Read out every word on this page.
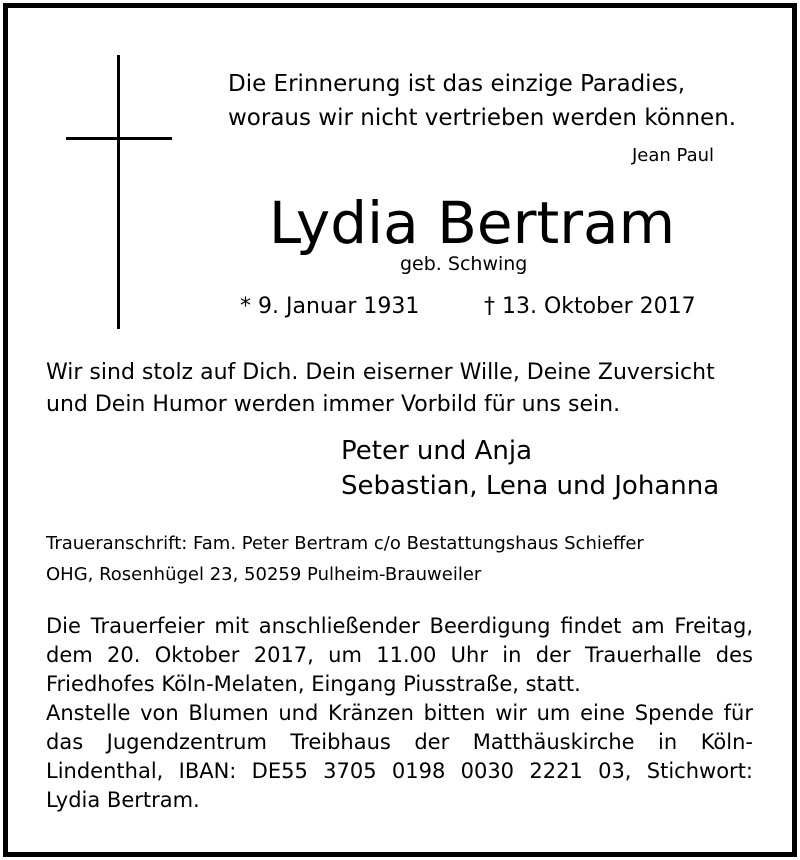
Die Erinnerung ist das einzige Paradies,
woraus wir nicht vertrieben werden können.
Jean Paul
Lydia Bertram
geb. Schwing
* 9. Januar 1931	† 13. Oktober 2017
Wir sind stolz auf Dich. Dein eiserner Wille, Deine Zuversicht
und Dein Humor werden immer Vorbild für uns sein.
Peter und Anja
Sebastian, Lena und Johanna
Traueranschrift: Fam. Peter Bertram c/o Bestattungshaus Schieffer
OHG, Rosenhügel 23, 50259 Pulheim-Brauweiler
Die Trauerfeier mit anschließender Beerdigung findet am Freitag,
dem 20. Oktober 2017, um 11.00 Uhr in der Trauerhalle des
Friedhofes Köln-Melaten, Eingang Piusstraße, statt.
Anstelle von Blumen und Kränzen bitten wir um eine Spende für
das Jugendzentrum Treibhaus der Matthäuskirche in Köln-
Lindenthal, IBAN: DE55 3705 0198 0030 2221 03, Stichwort:
Lydia Bertram.
